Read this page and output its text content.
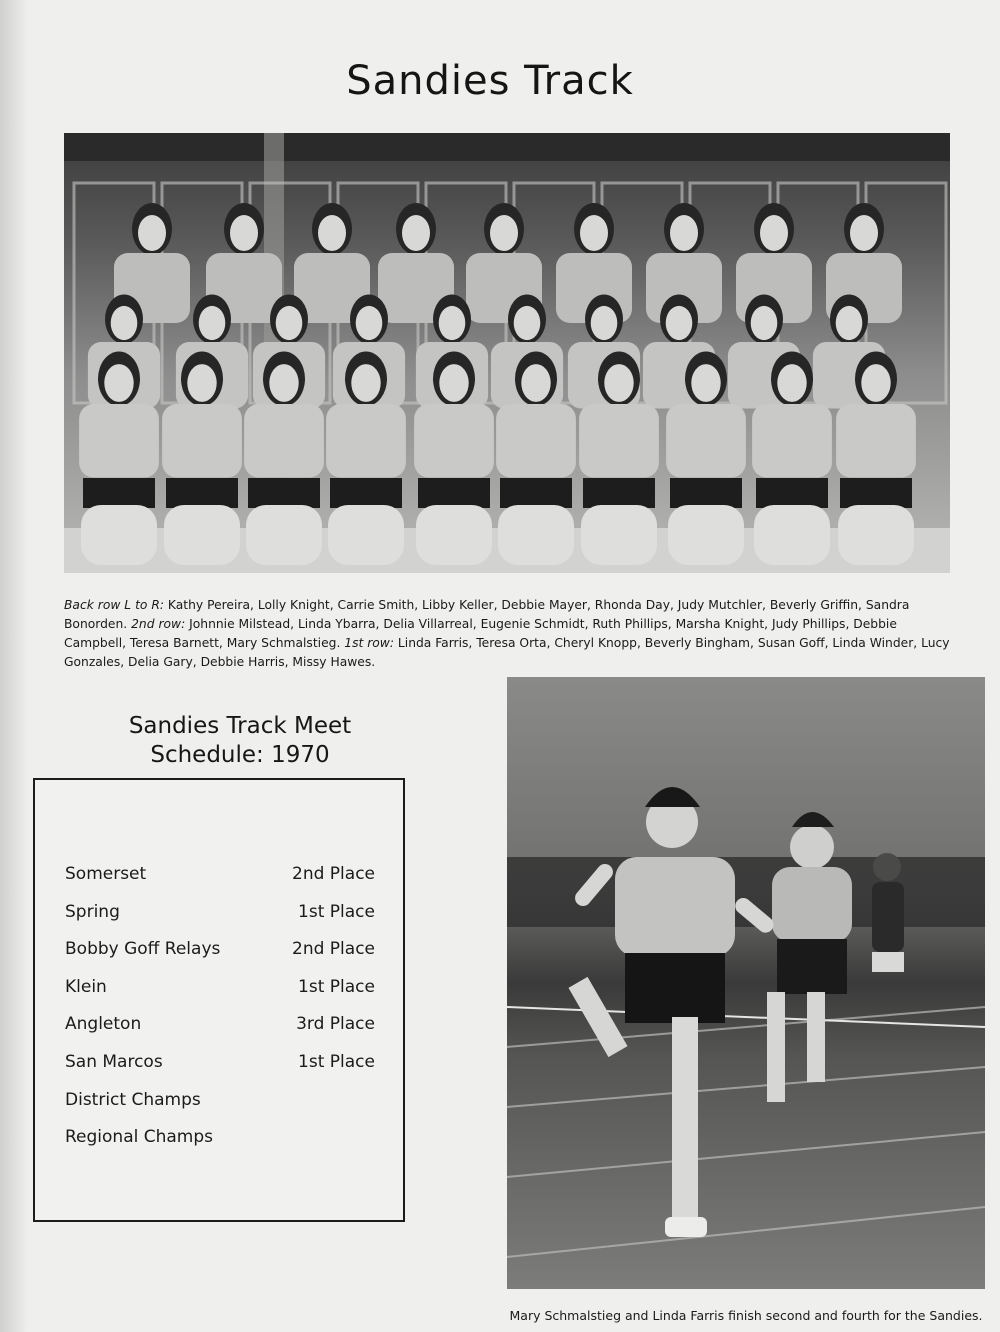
Sandies Track
Back row L to R: Kathy Pereira, Lolly Knight, Carrie Smith, Libby Keller, Debbie Mayer, Rhonda Day, Judy Mutchler, Beverly Griffin, Sandra Bonorden. 2nd row: Johnnie Milstead, Linda Ybarra, Delia Villarreal, Eugenie Schmidt, Ruth Phillips, Marsha Knight, Judy Phillips, Debbie Campbell, Teresa Barnett, Mary Schmalstieg. 1st row: Linda Farris, Teresa Orta, Cheryl Knopp, Beverly Bingham, Susan Goff, Linda Winder, Lucy Gonzales, Delia Gary, Debbie Harris, Missy Hawes.
Sandies Track Meet
Schedule: 1970
Somerset	2nd Place
Spring	1st Place
Bobby Goff Relays	2nd Place
Klein	1st Place
Angleton	3rd Place
San Marcos	1st Place
District Champs
Regional Champs
Mary Schmalstieg and Linda Farris finish second and fourth for the Sandies.
